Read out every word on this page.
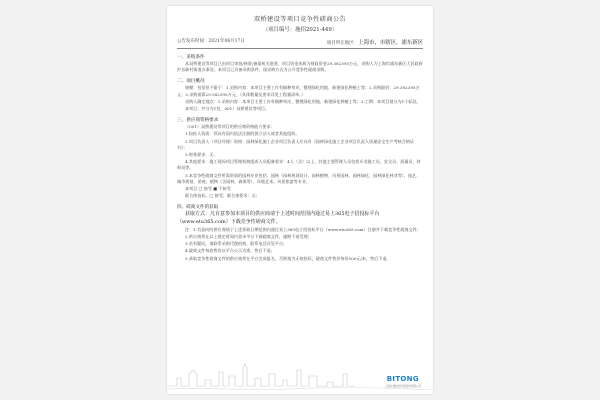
双桥建设等项目竞争性磋商公告
（项目编号：施招2021-449）
公告发布时间：2021年06月17日	项目所在地区：上海市，市辖区，浦东新区
一、采购条件

本双桥建设等项目已由项目审批/核准/备案机关批准，项目资金来源为财政资金29.382395万元，采购人为上海市浦东新区大民政府沪东新村街道办事处。本项目已具备采购条件，现采购方式为公开竞争性磋商采购。

二、项目概况

规模：包括但不限于：1.采购内容：本项目主要工作有铺种草皮、整理绿化用地、新建绿化种植土等；2.采购限价：29.382395万元；3.采购预算29.382395万元，（具体数量及要求详见工程量清单。）

采购人确定地点：1.采购内容：本项目主要工作有铺种草皮、整理绿化用地、新建绿化种植土等；2.工期：本项目划分为1个标段。

本项目：共分为1包，001）双桥建设等项目。

三、供应商资格要求

（001）双桥建设等项目的供应商资格能力要求：

1.投标人资质：须具有国内依法注册的独立法人或者其他组织。

2.项目负责人（项目经理）资格：园林绿化施工企业项目负责人应具有《园林绿化施工企业项目负责人质量安全生产考核合格证书》；

3.财务要求：无；

4.其他要求：施工现场项目管理机构组成人员配备要求：4人（含）以上，其他主要管理人员包括专业施工员、安全员、质量员、材料员等。

5.本竞争性磋商文件所需资质的园林专业包括：园林（园林规划设计、园林植物、风景园林、园林绿化、园林绿化林业等）、园艺、城市规划、景观、植物（含园林、森保等）、环境艺术、风景旅游等专业。

本项目 □ 接受 ■ 不接受

联合体投标。□ 接受；联合体要求：无；

四、磋商文件的获取

获取方式：凡有意参加本项目的供应商请于上述时间范围内通过易上365电子招投标平台（www.etu365.com）下载竞争性磋商文件。

注：1.有意向的供应商请于上述获取日期范围内通过易上365电子招投标平台（www.etu365.com）注册并下载竞争性磋商文件；

2.供应商须在以上规定时间内登录平台下载磋商文件，逾期不再受理；

3.若有疑问，请联系采购代理机构，联系电话详见平台；

4.磋商文件每套售价以平台公示为准，售后不退；

5.获取竞争性磋商文件的供应商须在平台完成报名，否则视为无效投标，磋商文件售价每份500元/本，售后不退。

BITONG
上海比通信息科技股份有限公司
